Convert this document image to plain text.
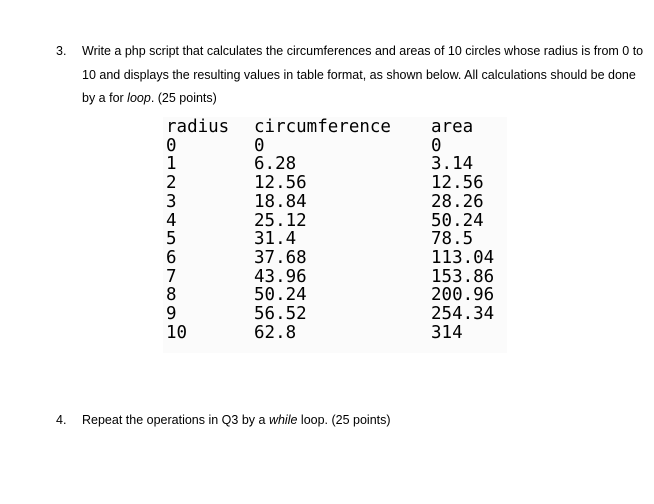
3. Write a php script that calculates the circumferences and areas of 10 circles whose radius is from 0 to 10 and displays the resulting values in table format, as shown below. All calculations should be done by a for loop. (25 points)
radius
0
1
2
3
4
5
6
7
8
9
10
circumference
0
6.28
12.56
18.84
25.12
31.4
37.68
43.96
50.24
56.52
62.8
area
0
3.14
12.56
28.26
50.24
78.5
113.04
153.86
200.96
254.34
314
4. Repeat the operations in Q3 by a while loop. (25 points)
